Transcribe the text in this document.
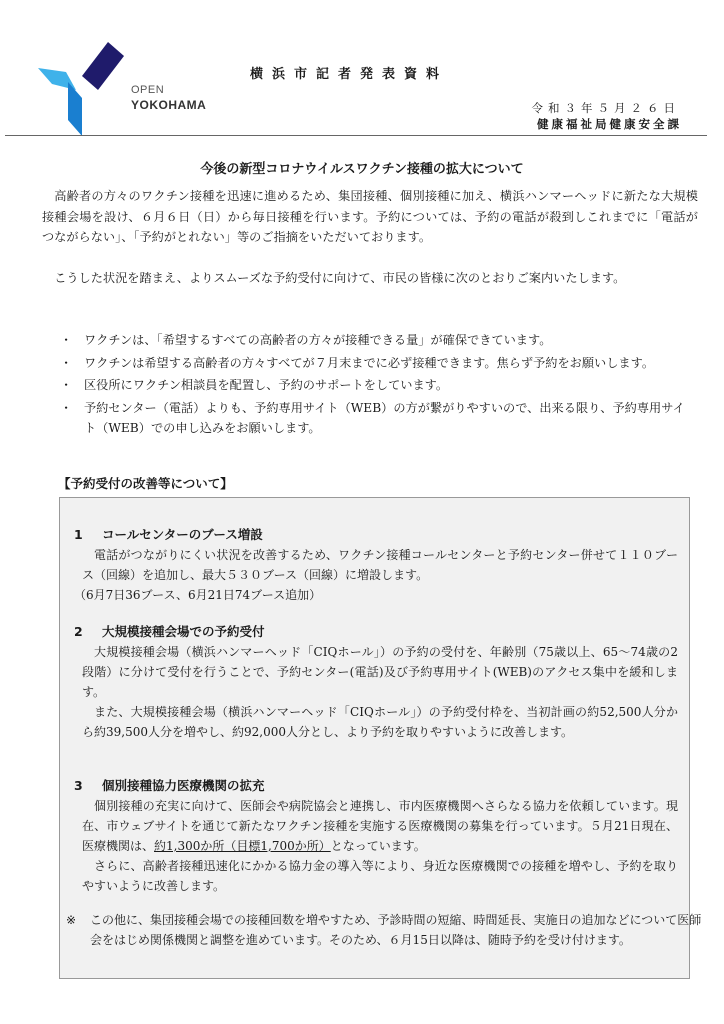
OPEN
YOKOHAMA
横浜市記者発表資料
令和３年５月２６日
健康福祉局健康安全課
今後の新型コロナウイルスワクチン接種の拡大について
高齢者の方々のワクチン接種を迅速に進めるため、集団接種、個別接種に加え、横浜ハンマーヘッドに新たな大規模接種会場を設け、６月６日（日）から毎日接種を行います。予約については、予約の電話が殺到しこれまでに「電話がつながらない」、「予約がとれない」等のご指摘をいただいております。
こうした状況を踏まえ、よりスムーズな予約受付に向けて、市民の皆様に次のとおりご案内いたします。
・ ワクチンは、「希望するすべての高齢者の方々が接種できる量」が確保できています。
・ ワクチンは希望する高齢者の方々すべてが７月末までに必ず接種できます。焦らず予約をお願いします。
・ 区役所にワクチン相談員を配置し、予約のサポートをしています。
・ 予約センター（電話）よりも、予約専用サイト（WEB）の方が繋がりやすいので、出来る限り、予約専用サイト（WEB）での申し込みをお願いします。
【予約受付の改善等について】
1 コールセンターのブース増設
電話がつながりにくい状況を改善するため、ワクチン接種コールセンターと予約センター併せて１１０ブース（回線）を追加し、最大５３０ブース（回線）に増設します。
（6月7日36ブース、6月21日74ブース追加）
2 大規模接種会場での予約受付
大規模接種会場（横浜ハンマーヘッド「CIQホール」）の予約の受付を、年齢別（75歳以上、65～74歳の2段階）に分けて受付を行うことで、予約センター(電話)及び予約専用サイト(WEB)のアクセス集中を緩和します。
また、大規模接種会場（横浜ハンマーヘッド「CIQホール」）の予約受付枠を、当初計画の約52,500人分から約39,500人分を増やし、約92,000人分とし、より予約を取りやすいように改善します。
3 個別接種協力医療機関の拡充
個別接種の充実に向けて、医師会や病院協会と連携し、市内医療機関へさらなる協力を依頼しています。現在、市ウェブサイトを通じて新たなワクチン接種を実施する医療機関の募集を行っています。５月21日現在、医療機関は、約1,300か所（目標1,700か所）となっています。
さらに、高齢者接種迅速化にかかる協力金の導入等により、身近な医療機関での接種を増やし、予約を取りやすいように改善します。
※ この他に、集団接種会場での接種回数を増やすため、予診時間の短縮、時間延長、実施日の追加などについて医師会をはじめ関係機関と調整を進めています。そのため、６月15日以降は、随時予約を受け付けます。
